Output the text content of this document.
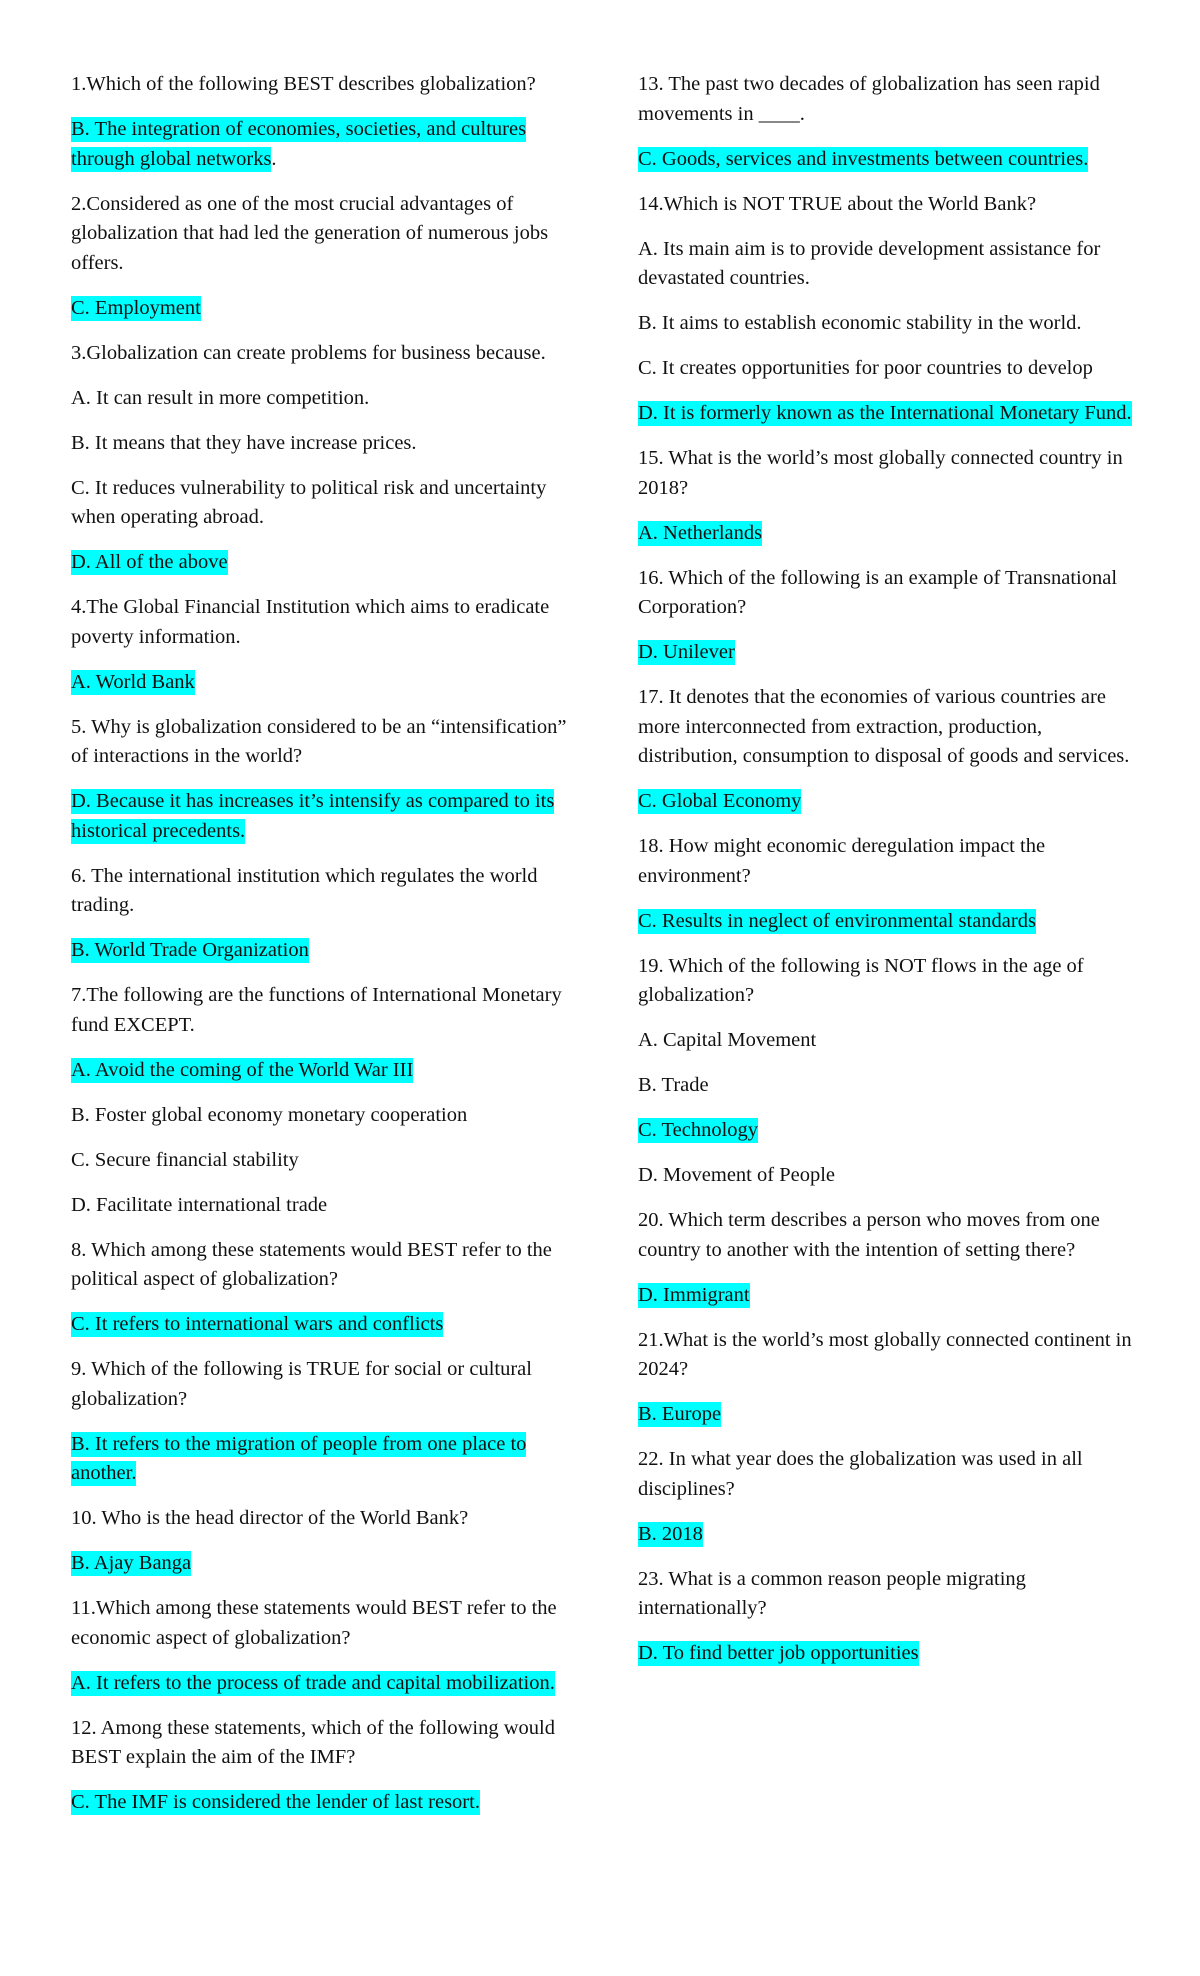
1.Which of the following BEST describes globalization?

B. The integration of economies, societies, and cultures through global networks.

2.Considered as one of the most crucial advantages of globalization that had led the generation of numerous jobs offers.

C. Employment

3.Globalization can create problems for business because.

A. It can result in more competition.

B. It means that they have increase prices.

C. It reduces vulnerability to political risk and uncertainty when operating abroad.

D. All of the above

4.The Global Financial Institution which aims to eradicate poverty information.

A. World Bank

5. Why is globalization considered to be an “intensification” of interactions in the world?

D. Because it has increases it’s intensify as compared to its historical precedents.

6. The international institution which regulates the world trading.

B. World Trade Organization

7.The following are the functions of International Monetary fund EXCEPT.

A. Avoid the coming of the World War III

B. Foster global economy monetary cooperation

C. Secure financial stability

D. Facilitate international trade

8. Which among these statements would BEST refer to the political aspect of globalization?

C. It refers to international wars and conflicts

9. Which of the following is TRUE for social or cultural globalization?

B. It refers to the migration of people from one place to another.

10. Who is the head director of the World Bank?

B. Ajay Banga

11.Which among these statements would BEST refer to the economic aspect of globalization?

A. It refers to the process of trade and capital mobilization.

12. Among these statements, which of the following would BEST explain the aim of the IMF?

C. The IMF is considered the lender of last resort.

13. The past two decades of globalization has seen rapid movements in ____.

C. Goods, services and investments between countries.

14.Which is NOT TRUE about the World Bank?

A. Its main aim is to provide development assistance for devastated countries.

B. It aims to establish economic stability in the world.

C. It creates opportunities for poor countries to develop

D. It is formerly known as the International Monetary Fund.

15. What is the world’s most globally connected country in 2018?

A. Netherlands

16. Which of the following is an example of Transnational Corporation?

D. Unilever

17. It denotes that the economies of various countries are more interconnected from extraction, production, distribution, consumption to disposal of goods and services.

C. Global Economy

18. How might economic deregulation impact the environment?

C. Results in neglect of environmental standards

19. Which of the following is NOT flows in the age of globalization?

A. Capital Movement

B. Trade

C. Technology

D. Movement of People

20. Which term describes a person who moves from one country to another with the intention of setting there?

D. Immigrant

21.What is the world’s most globally connected continent in 2024?

B. Europe

22. In what year does the globalization was used in all disciplines?

B. 2018

23. What is a common reason people migrating internationally?

D. To find better job opportunities
